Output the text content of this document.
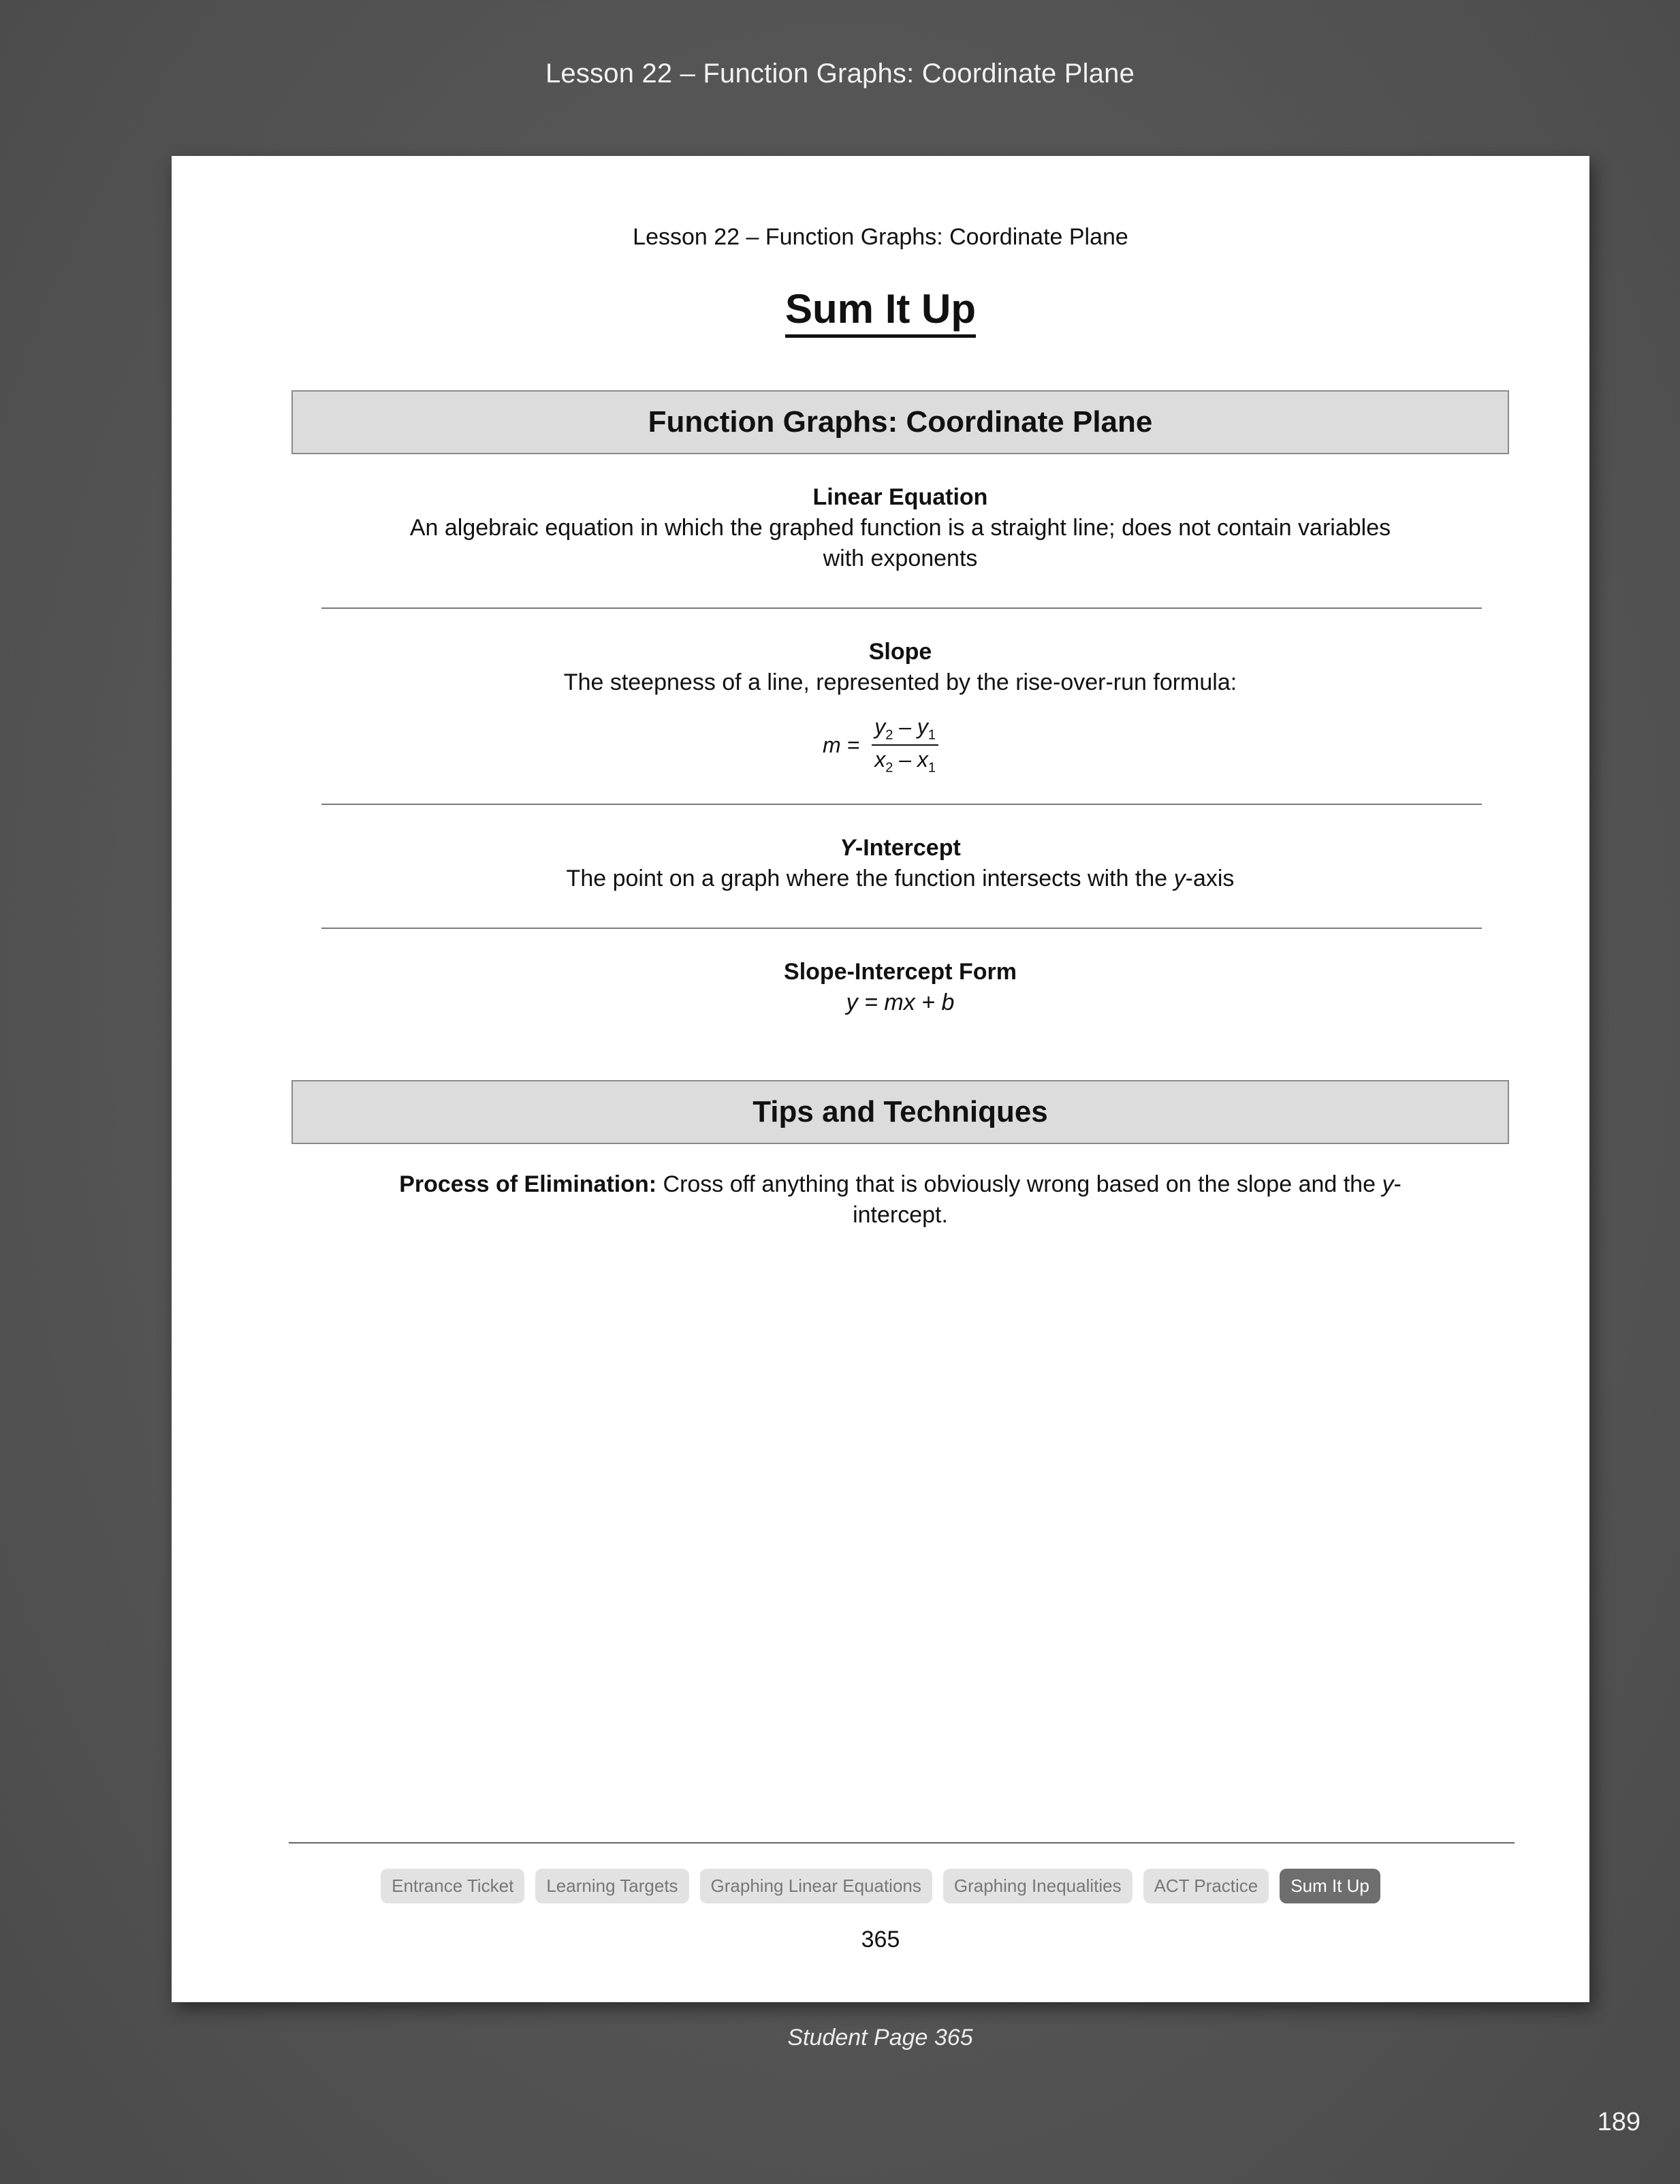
Lesson 22 – Function Graphs: Coordinate Plane
Lesson 22 – Function Graphs: Coordinate Plane
Sum It Up
Function Graphs: Coordinate Plane
Linear Equation
An algebraic equation in which the graphed function is a straight line; does not contain variables with exponents
Slope
The steepness of a line, represented by the rise-over-run formula:
$m = \frac{y_2 - y_1}{x_2 - x_1}$
Y-Intercept
The point on a graph where the function intersects with the y-axis
Slope-Intercept Form
y = mx + b
Tips and Techniques
Process of Elimination: Cross off anything that is obviously wrong based on the slope and the y-intercept.
Entrance Ticket	Learning Targets	Graphing Linear Equations	Graphing Inequalities	ACT Practice	Sum It Up
365
Student Page 365
189
